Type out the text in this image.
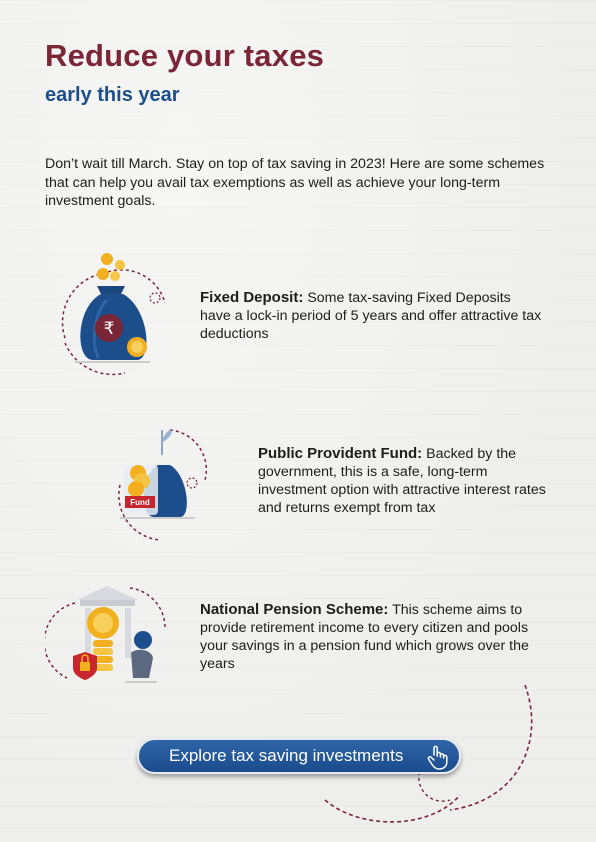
Reduce your taxes
early this year

Don’t wait till March. Stay on top of tax saving in 2023! Here are some schemes that can help you avail tax exemptions as well as achieve your long-term investment goals.

₹
Fixed Deposit: Some tax-saving Fixed Deposits have a lock-in period of 5 years and offer attractive tax deductions
Fund
Public Provident Fund: Backed by the government, this is a safe, long-term investment option with attractive interest rates and returns exempt from tax
National Pension Scheme: This scheme aims to provide retirement income to every citizen and pools your savings in a pension fund which grows over the years
Explore tax saving investments
